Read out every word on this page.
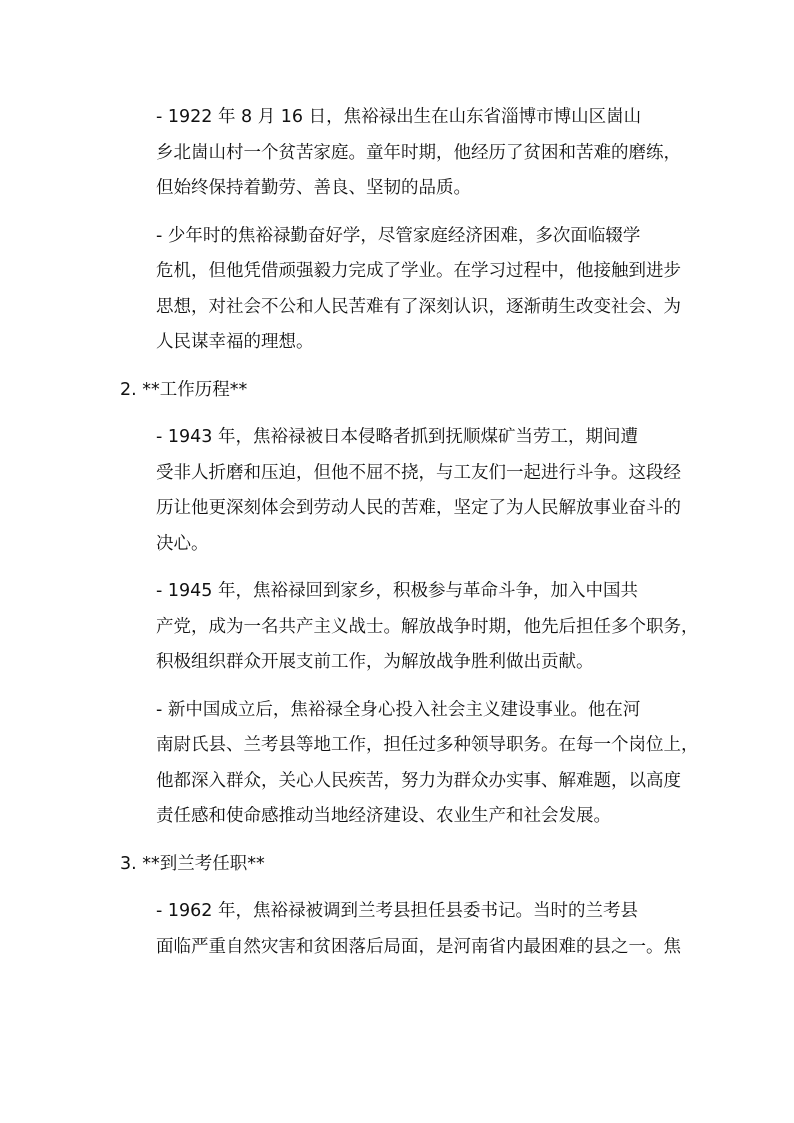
- 1922 年 8 月 16 日，焦裕禄出生在山东省淄博市博山区崮山
乡北崮山村一个贫苦家庭。童年时期，他经历了贫困和苦难的磨练，
但始终保持着勤劳、善良、坚韧的品质。
- 少年时的焦裕禄勤奋好学，尽管家庭经济困难，多次面临辍学
危机，但他凭借顽强毅力完成了学业。在学习过程中，他接触到进步
思想，对社会不公和人民苦难有了深刻认识，逐渐萌生改变社会、为
人民谋幸福的理想。
2. **工作历程**
- 1943 年，焦裕禄被日本侵略者抓到抚顺煤矿当劳工，期间遭
受非人折磨和压迫，但他不屈不挠，与工友们一起进行斗争。这段经
历让他更深刻体会到劳动人民的苦难，坚定了为人民解放事业奋斗的
决心。
- 1945 年，焦裕禄回到家乡，积极参与革命斗争，加入中国共
产党，成为一名共产主义战士。解放战争时期，他先后担任多个职务，
积极组织群众开展支前工作，为解放战争胜利做出贡献。
- 新中国成立后，焦裕禄全身心投入社会主义建设事业。他在河
南尉氏县、兰考县等地工作，担任过多种领导职务。在每一个岗位上，
他都深入群众，关心人民疾苦，努力为群众办实事、解难题，以高度
责任感和使命感推动当地经济建设、农业生产和社会发展。
3. **到兰考任职**
- 1962 年，焦裕禄被调到兰考县担任县委书记。当时的兰考县
面临严重自然灾害和贫困落后局面，是河南省内最困难的县之一。焦
